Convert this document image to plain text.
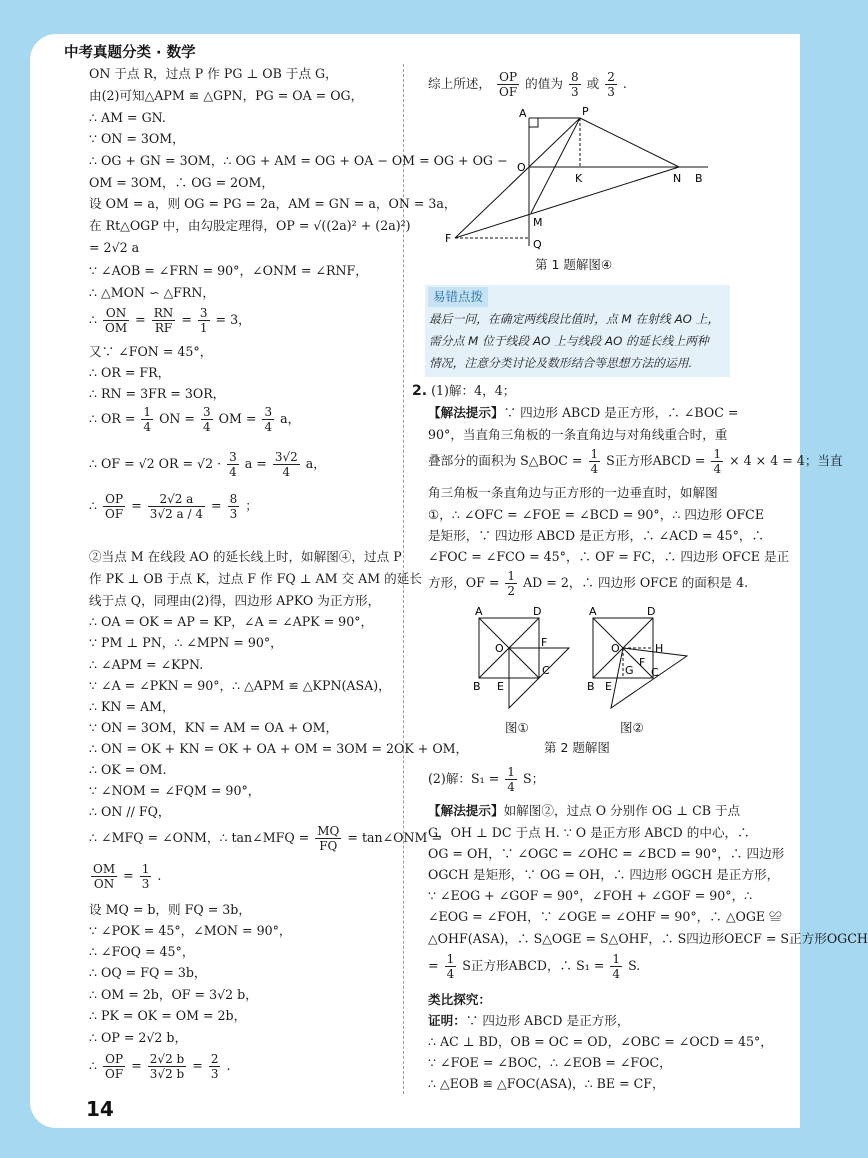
中考真题分类 · 数学
14
ON 于点 R，过点 P 作 PG ⊥ OB 于点 G，
由(2)可知△APM ≌ △GPN，PG = OA = OG，
∴ AM = GN.
∵ ON = 3OM，
∴ OG + GN = 3OM，∴ OG + AM = OG + OA − OM = OG + OG −
OM = 3OM，∴ OG = 2OM，
设 OM = a，则 OG = PG = 2a，AM = GN = a，ON = 3a，
在 Rt△OGP 中，由勾股定理得，OP = √((2a)² + (2a)²)
= 2√2 a
∵ ∠AOB = ∠FRN = 90°，∠ONM = ∠RNF，
∴ △MON ∽ △FRN，
∴ $\frac{ON}{OM} = \frac{RN}{RF} = \frac{3}{1} = 3$，
又∵ ∠FON = 45°，
∴ OR = FR，
∴ RN = 3FR = 3OR，
∴ OR = $\frac{1}{4}$ ON = $\frac{3}{4}$ OM = $\frac{3}{4}$ a，
∴ OF = √2 OR = $√2 \cdot \frac{3}{4}$ $a = \frac{3√2}{4}$ a，
∴ $\frac{OP}{OF} = \frac{2√2 a}{3√2 a / 4} = \frac{8}{3}$ ；
②当点 M 在线段 AO 的延长线上时，如解图④，过点 P
作 PK ⊥ OB 于点 K，过点 F 作 FQ ⊥ AM 交 AM 的延长
线于点 Q，同理由(2)得，四边形 APKO 为正方形，
∴ OA = OK = AP = KP，∠A = ∠APK = 90°，
∵ PM ⊥ PN，∴ ∠MPN = 90°，
∴ ∠APM = ∠KPN.
∵ ∠A = ∠PKN = 90°，∴ △APM ≌ △KPN(ASA)，
∴ KN = AM，
∵ ON = 3OM，KN = AM = OA + OM，
∴ ON = OK + KN = OK + OA + OM = 3OM = 2OK + OM，
∴ OK = OM.
∵ ∠NOM = ∠FQM = 90°，
∴ ON // FQ，
∴ ∠MFQ = ∠ONM，∴ tan∠MFQ = $\frac{MQ}{FQ}$ = tan∠ONM =
$\frac{OM}{ON} = \frac{1}{3}$ .
设 MQ = b，则 FQ = 3b，
∵ ∠POK = 45°，∠MON = 90°，
∴ ∠FOQ = 45°，
∴ OQ = FQ = 3b，
∴ OM = 2b，OF = 3√2 b，
∴ PK = OK = OM = 2b，
∴ OP = 2√2 b，
∴ $\frac{OP}{OF} = \frac{2√2 b}{3√2 b} = \frac{2}{3}$ .
综上所述， $\frac{OP}{OF}$ 的值为 $\frac{8}{3}$ 或 $\frac{2}{3}$ .
A	P
O
K	N B
M
F	Q
第 1 题解图④
易错点拨
最后一问，在确定两线段比值时，点 M 在射线 AO 上，
需分点 M 位于线段 AO 上与线段 AO 的延长线上两种
情况，注意分类讨论及数形结合等思想方法的运用.
2. (1)解：4，4；
【解法提示】∵ 四边形 ABCD 是正方形，∴ ∠BOC =
90°，当直角三角板的一条直角边与对角线重合时，重
叠部分的面积为 S△BOC = $\frac{1}{4}$ S正方形ABCD = $\frac{1}{4} \times 4 \times 4 = 4$；当直
角三角板一条直角边与正方形的一边垂直时，如解图
①，∴ ∠OFC = ∠FOE = ∠BCD = 90°，∴ 四边形 OFCE
是矩形，∵ 四边形 ABCD 是正方形，∴ ∠ACD = 45°，∴
∠FOC = ∠FCO = 45°，∴ OF = FC，∴ 四边形 OFCE 是正
方形，OF = $\frac{1}{2}$ AD = 2，∴ 四边形 OFCE 的面积是 4.
A	D
O	F
C
B E
A	D
O	H
F
G C
B E
图①	图②
第 2 题解图
(2)解：$S_1 = \frac{1}{4}$ S；
【解法提示】如解图②，过点 O 分别作 OG ⊥ CB 于点
G，OH ⊥ DC 于点 H. ∵ O 是正方形 ABCD 的中心，∴
OG = OH，∵ ∠OGC = ∠OHC = ∠BCD = 90°，∴ 四边形
OGCH 是矩形，∵ OG = OH，∴ 四边形 OGCH 是正方形，
∵ ∠EOG + ∠GOF = 90°，∠FOH + ∠GOF = 90°，∴
∠EOG = ∠FOH，∵ ∠OGE = ∠OHF = 90°，∴ △OGE ≌
△OHF(ASA)，∴ S△OGE = S△OHF，∴ S四边形OECF = S正方形OGCH
= $\frac{1}{4}$ S正方形ABCD，∴ $S_1 = \frac{1}{4} S$.
类比探究：
证明：∵ 四边形 ABCD 是正方形，
∴ AC ⊥ BD，OB = OC = OD，∠OBC = ∠OCD = 45°，
∵ ∠FOE = ∠BOC，∴ ∠EOB = ∠FOC，
∴ △EOB ≌ △FOC(ASA)，∴ BE = CF，
